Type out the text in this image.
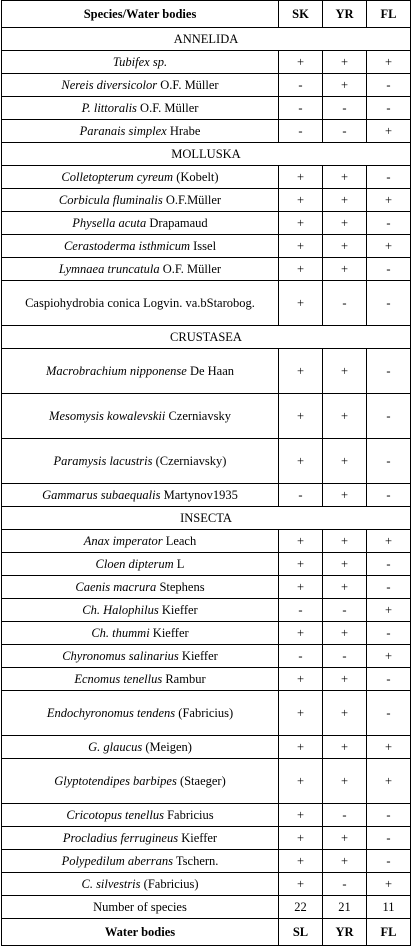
Species/Water bodies	SK	YR	FL
ANNELIDA			
Tubifex sp.	+	+	+
Nereis diversicolor O.F. Müller	-	+	-
P. littoralis O.F. Müller	-	-	-
Paranais simplex Hrabe	-	-	+
MOLLUSKA			
Colletopterum cyreum (Kobelt)	+	+	-
Corbicula fluminalis O.F.Müller	+	+	+
Physella acuta Drapamaud	+	+	-
Cerastoderma isthmicum Issel	+	+	+
Lymnaea truncatula O.F. Müller	+	+	-
Caspiohydrobia conica Logvin. va.bStarobog.	+	-	-
CRUSTASEA			
Macrobrachium nipponense De Haan	+	+	-
Mesomysis kowalevskii Czerniavsky	+	+	-
Paramysis lacustris (Czerniavsky)	+	+	-
Gammarus subaequalis Martynov1935	-	+	-
INSECTA			
Anax imperator Leach	+	+	+
Cloen dipterum L	+	+	-
Caenis macrura Stephens	+	+	-
Ch. Halophilus Kieffer	-	-	+
Ch. thummi Kieffer	+	+	-
Chyronomus salinarius Kieffer	-	-	+
Ecnomus tenellus Rambur	+	+	-
Endochyronomus tendens (Fabricius)	+	+	-
G. glaucus (Meigen)	+	+	+
Glyptotendipes barbipes (Staeger)	+	+	+
Cricotopus tenellus Fabricius	+	-	-
Procladius ferrugineus Kieffer	+	+	-
Polypedilum aberrans Tschern.	+	+	-
C. silvestris (Fabricius)	+	-	+
Number of species	22	21	11
Water bodies	SL	YR	FL
